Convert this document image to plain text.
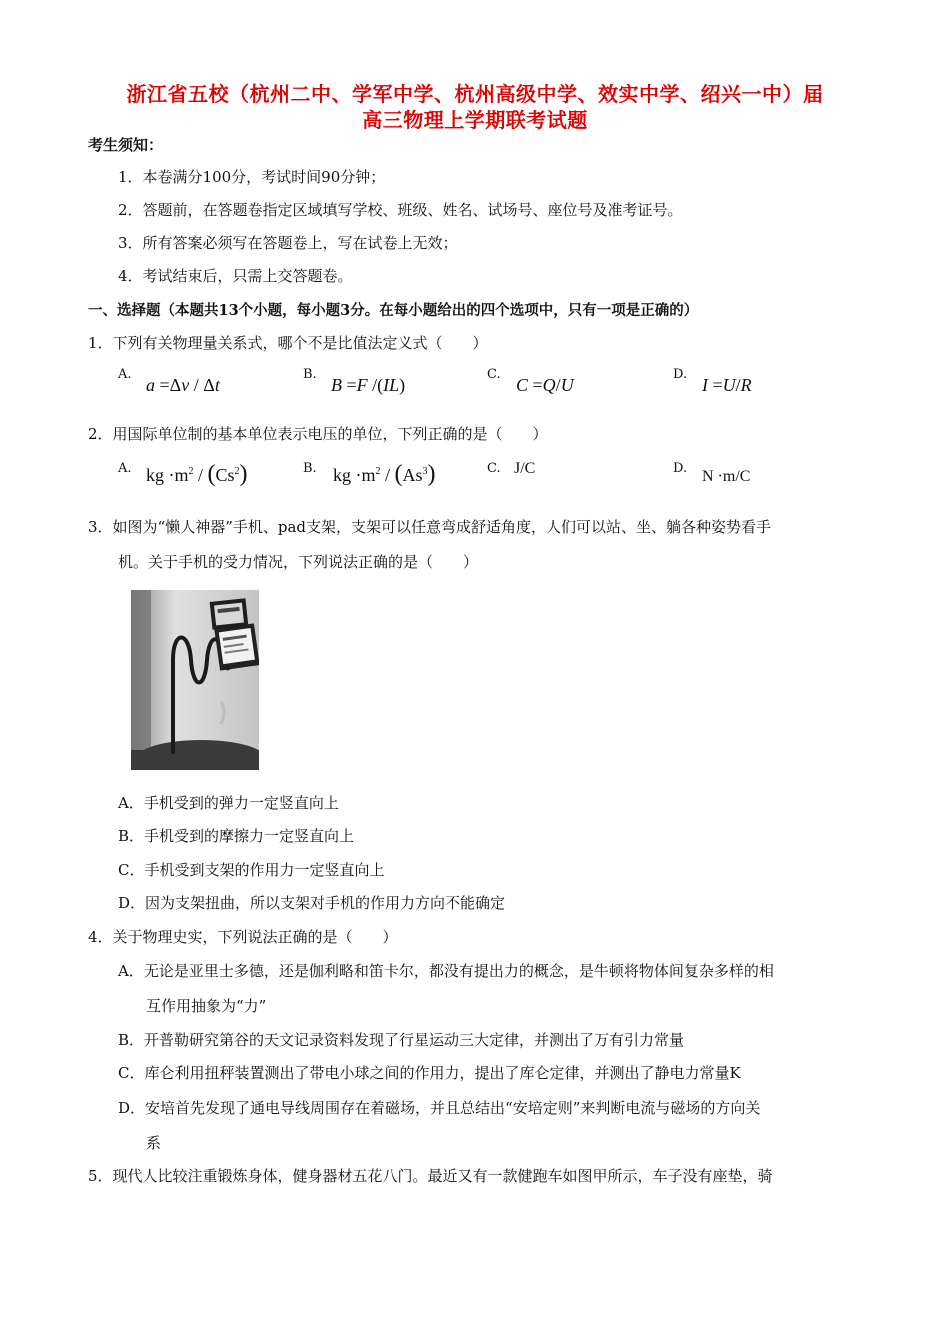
浙江省五校（杭州二中、学军中学、杭州高级中学、效实中学、绍兴一中）届
高三物理上学期联考试题
考生须知：
1．本卷满分100分，考试时间90分钟；
2．答题前，在答题卷指定区域填写学校、班级、姓名、试场号、座位号及准考证号。
3．所有答案必须写在答题卷上，写在试卷上无效；
4．考试结束后，只需上交答题卷。
一、选择题（本题共13个小题，每小题3分。在每小题给出的四个选项中，只有一项是正确的）
1．下列有关物理量关系式，哪个不是比值法定义式（　　）
A.
a =Δv / Δt
B.
B =F /(IL)
C.
C =Q/U
D.
I =U/R
2．用国际单位制的基本单位表示电压的单位，下列正确的是（　　）
A. kg $\cdot m^2 / (Cs^2)$	B. kg $\cdot m^2 / (As^3)$	C. J/C	D. N ·m/C
3．如图为“懒人神器”手机、pad支架，支架可以任意弯成舒适角度，人们可以站、坐、躺各种姿势看手
机。关于手机的受力情况，下列说法正确的是（　　）
A．手机受到的弹力一定竖直向上
B．手机受到的摩擦力一定竖直向上
C．手机受到支架的作用力一定竖直向上
D．因为支架扭曲，所以支架对手机的作用力方向不能确定
4．关于物理史实，下列说法正确的是（　　）
A．无论是亚里士多德，还是伽利略和笛卡尔，都没有提出力的概念，是牛顿将物体间复杂多样的相
互作用抽象为“力”
B．开普勒研究第谷的天文记录资料发现了行星运动三大定律，并测出了万有引力常量
C．库仑利用扭秤装置测出了带电小球之间的作用力，提出了库仑定律，并测出了静电力常量K
D．安培首先发现了通电导线周围存在着磁场，并且总结出“安培定则”来判断电流与磁场的方向关
系
5．现代人比较注重锻炼身体，健身器材五花八门。最近又有一款健跑车如图甲所示，车子没有座垫，骑
